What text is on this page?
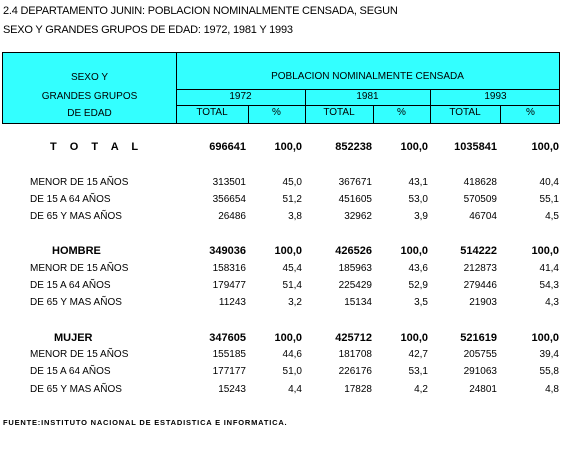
2.4 DEPARTAMENTO JUNIN: POBLACION NOMINALMENTE CENSADA, SEGUN
SEXO Y GRANDES GRUPOS DE EDAD: 1972, 1981 Y 1993
SEXO Y
GRANDES GRUPOS
DE EDAD
POBLACION NOMINALMENTE CENSADA
1972	1981	1993
TOTAL	%	TOTAL	%	TOTAL	%
T O T A L	696641	100,0	852238	100,0 1035841	100,0
MENOR DE 15 AÑOS	313501	45,0	367671	43,1	418628	40,4
DE 15 A 64 AÑOS	356654	51,2	451605	53,0	570509	55,1
DE 65 Y MAS AÑOS	26486	3,8	32962	3,9	46704	4,5
HOMBRE	349036	100,0	426526	100,0	514222	100,0
MENOR DE 15 AÑOS	158316	45,4	185963	43,6	212873	41,4
DE 15 A 64 AÑOS	179477	51,4	225429	52,9	279446	54,3
DE 65 Y MAS AÑOS	11243	3,2	15134	3,5	21903	4,3
MUJER	347605	100,0	425712	100,0	521619	100,0
MENOR DE 15 AÑOS	155185	44,6	181708	42,7	205755	39,4
DE 15 A 64 AÑOS	177177	51,0	226176	53,1	291063	55,8
DE 65 Y MAS AÑOS	15243	4,4	17828	4,2	24801	4,8
FUENTE:INSTITUTO NACIONAL DE ESTADISTICA E INFORMATICA.
